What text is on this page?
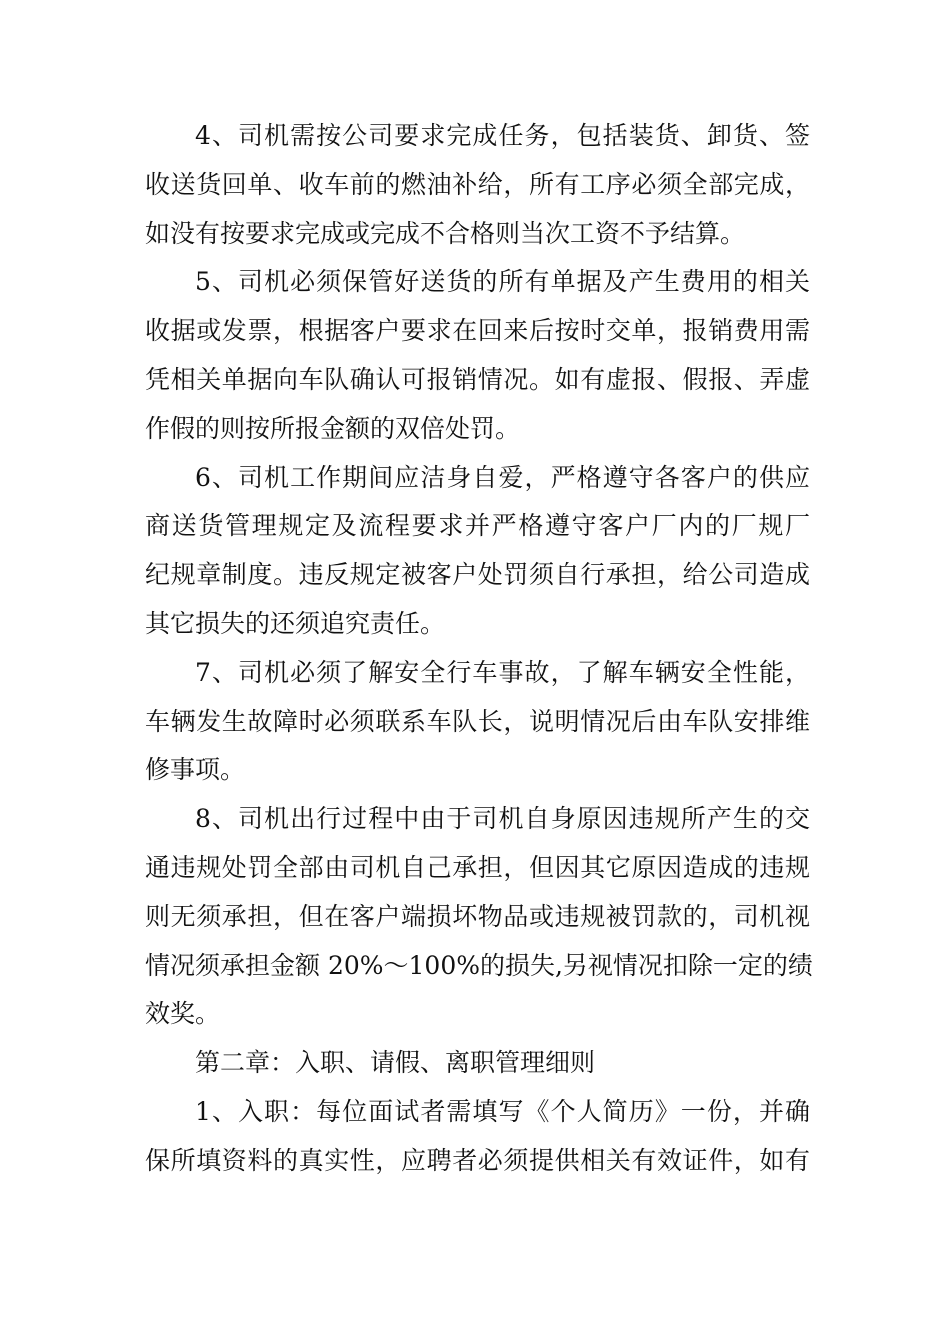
4、司机需按公司要求完成任务，包括装货、卸货、签
收送货回单、收车前的燃油补给，所有工序必须全部完成，
如没有按要求完成或完成不合格则当次工资不予结算。
5、司机必须保管好送货的所有单据及产生费用的相关
收据或发票，根据客户要求在回来后按时交单，报销费用需
凭相关单据向车队确认可报销情况。如有虚报、假报、弄虚
作假的则按所报金额的双倍处罚。
6、司机工作期间应洁身自爱，严格遵守各客户的供应
商送货管理规定及流程要求并严格遵守客户厂内的厂规厂
纪规章制度。违反规定被客户处罚须自行承担，给公司造成
其它损失的还须追究责任。
7、司机必须了解安全行车事故，了解车辆安全性能，
车辆发生故障时必须联系车队长，说明情况后由车队安排维
修事项。
8、司机出行过程中由于司机自身原因违规所产生的交
通违规处罚全部由司机自己承担，但因其它原因造成的违规
则无须承担，但在客户端损坏物品或违规被罚款的，司机视
情况须承担金额 20%～100%的损失,另视情况扣除一定的绩
效奖。
第二章：入职、请假、离职管理细则
1、入职：每位面试者需填写《个人简历》一份，并确
保所填资料的真实性，应聘者必须提供相关有效证件，如有
